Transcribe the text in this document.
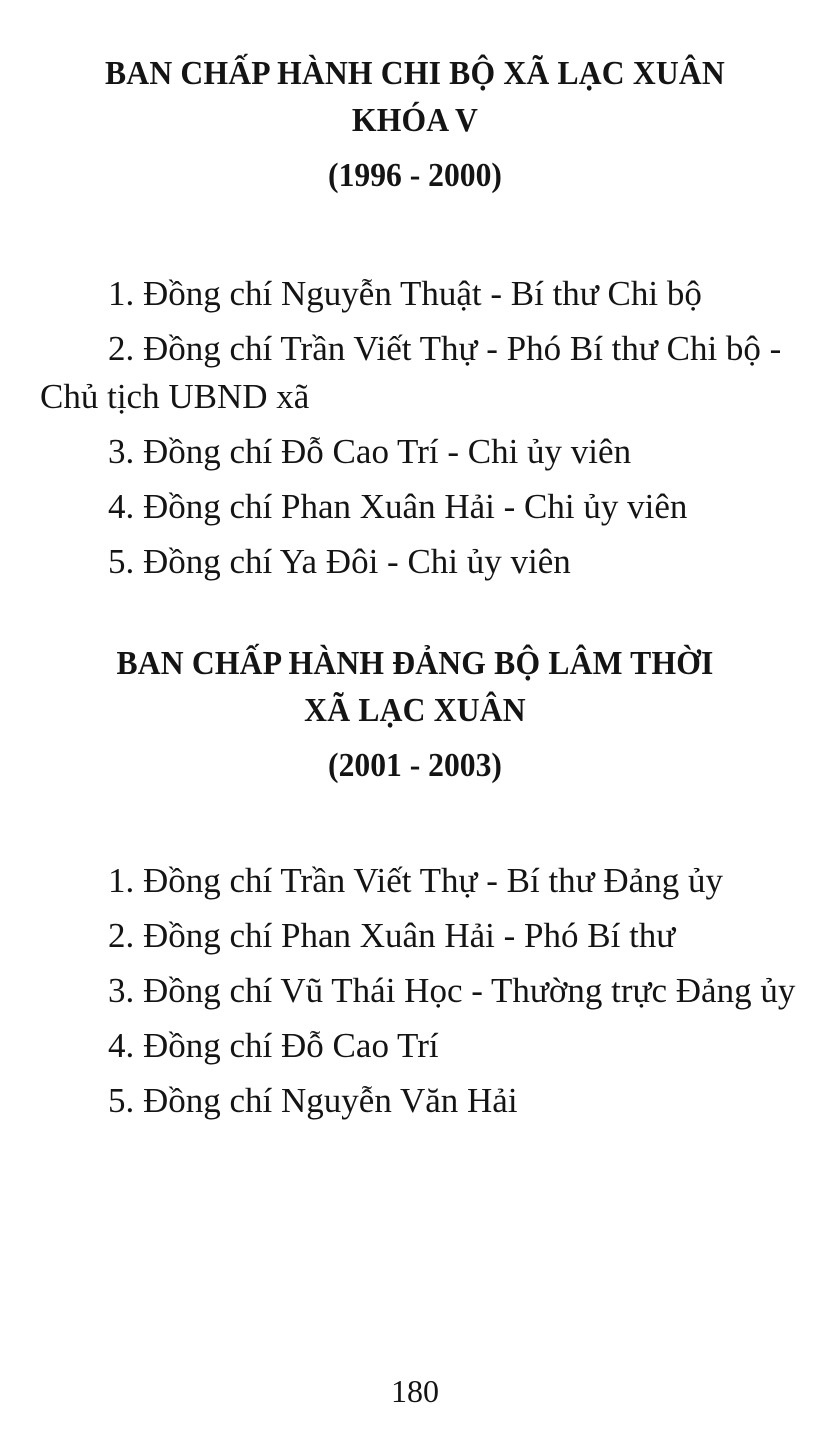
BAN CHẤP HÀNH CHI BỘ XÃ LẠC XUÂN
KHÓA V
(1996 - 2000)
1. Đồng chí Nguyễn Thuật - Bí thư Chi bộ
2. Đồng chí Trần Viết Thự - Phó Bí thư Chi bộ -
Chủ tịch UBND xã
3. Đồng chí Đỗ Cao Trí - Chi ủy viên
4. Đồng chí Phan Xuân Hải - Chi ủy viên
5. Đồng chí Ya Đôi - Chi ủy viên
BAN CHẤP HÀNH ĐẢNG BỘ LÂM THỜI
XÃ LẠC XUÂN
(2001 - 2003)
1. Đồng chí Trần Viết Thự - Bí thư Đảng ủy
2. Đồng chí Phan Xuân Hải - Phó Bí thư
3. Đồng chí Vũ Thái Học - Thường trực Đảng ủy
4. Đồng chí Đỗ Cao Trí
5. Đồng chí Nguyễn Văn Hải
180
